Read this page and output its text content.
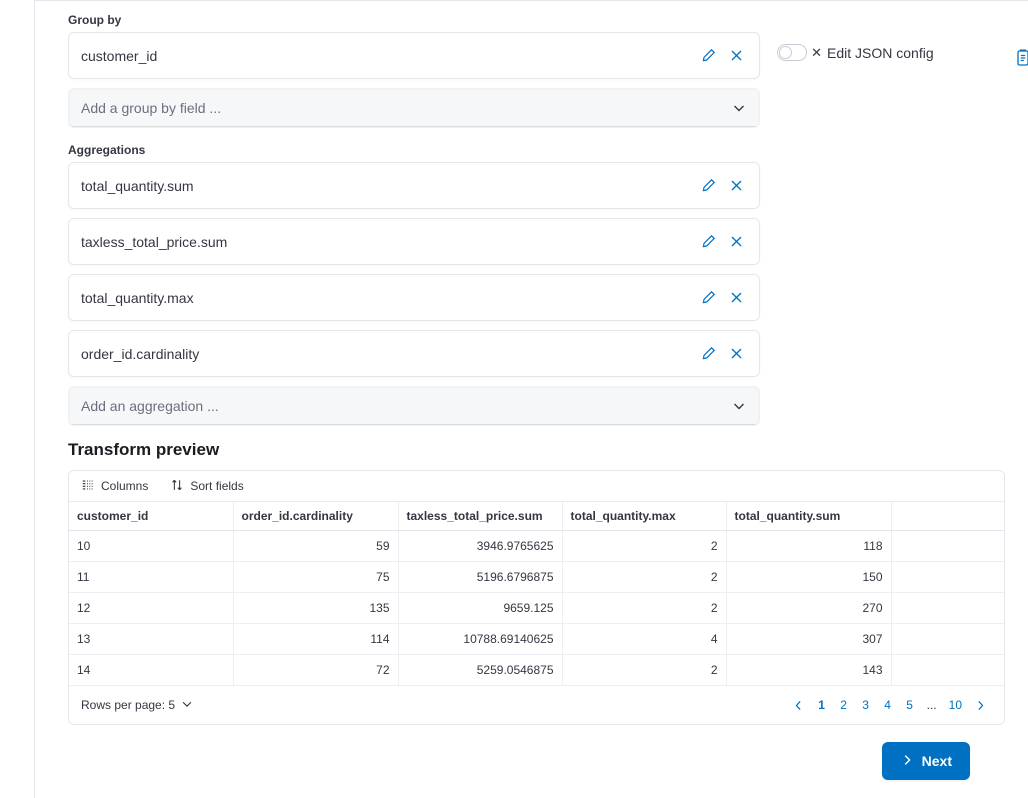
Group by
customer_id
Add a group by field ...
Aggregations
total_quantity.sum
taxless_total_price.sum
total_quantity.max
order_id.cardinality
Add an aggregation ...
✕ Edit JSON config
Transform preview
Columns	Sort fields
customer_id	order_id.cardinality	taxless_total_price.sum	total_quantity.max	total_quantity.sum	
10	59	3946.9765625	2	118	
11	75	5196.6796875	2	150	
12	135	9659.125	2	270	
13	114	10788.69140625	4	307	
14	72	5259.0546875	2	143	
Rows per page: 5	1	2	3	4	5	...	10
Next
